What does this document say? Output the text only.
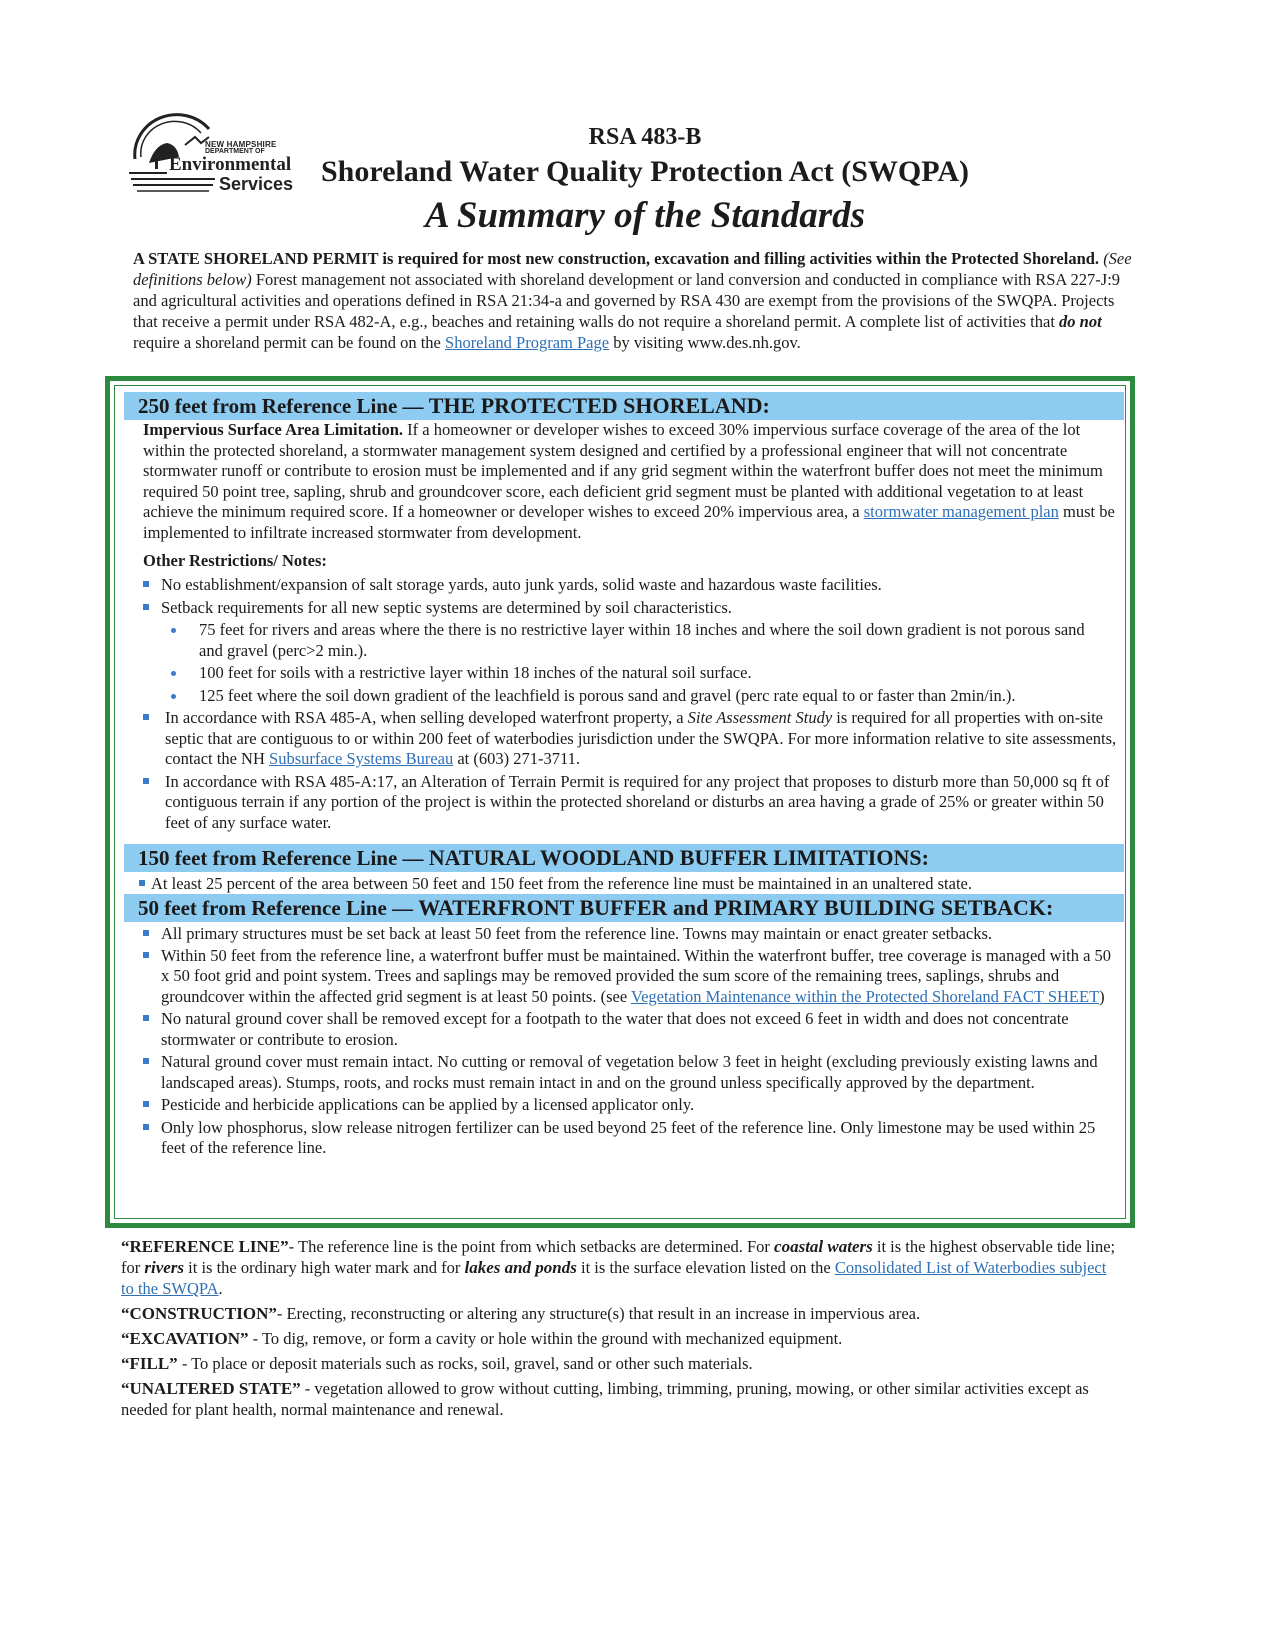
NEW HAMPSHIRE
DEPARTMENT OF
Environmental
Services
RSA 483-B
Shoreland Water Quality Protection Act (SWQPA)
A Summary of the Standards
A STATE SHORELAND PERMIT is required for most new construction, excavation and filling activities within the Protected Shoreland. (See definitions below) Forest management not associated with shoreland development or land conversion and conducted in compliance with RSA 227-J:9 and agricultural activities and operations defined in RSA 21:34-a and governed by RSA 430 are exempt from the provisions of the SWQPA. Projects that receive a permit under RSA 482-A, e.g., beaches and retaining walls do not require a shoreland permit. A complete list of activities that do not require a shoreland permit can be found on the Shoreland Program Page by visiting www.des.nh.gov.
250 feet from Reference Line — THE PROTECTED SHORELAND:
Impervious Surface Area Limitation. If a homeowner or developer wishes to exceed 30% impervious surface coverage of the area of the lot within the protected shoreland, a stormwater management system designed and certified by a professional engineer that will not concentrate stormwater runoff or contribute to erosion must be implemented and if any grid segment within the waterfront buffer does not meet the minimum required 50 point tree, sapling, shrub and groundcover score, each deficient grid segment must be planted with additional vegetation to at least achieve the minimum required score. If a homeowner or developer wishes to exceed 20% impervious area, a stormwater management plan must be implemented to infiltrate increased stormwater from development.
Other Restrictions/ Notes:
No establishment/expansion of salt storage yards, auto junk yards, solid waste and hazardous waste facilities.
Setback requirements for all new septic systems are determined by soil characteristics.
75 feet for rivers and areas where the there is no restrictive layer within 18 inches and where the soil down gradient is not porous sand and gravel (perc>2 min.).
100 feet for soils with a restrictive layer within 18 inches of the natural soil surface.
125 feet where the soil down gradient of the leachfield is porous sand and gravel (perc rate equal to or faster than 2min/in.).
In accordance with RSA 485-A, when selling developed waterfront property, a Site Assessment Study is required for all properties with on-site septic that are contiguous to or within 200 feet of waterbodies jurisdiction under the SWQPA. For more information relative to site assessments, contact the NH Subsurface Systems Bureau at (603) 271-3711.
In accordance with RSA 485-A:17, an Alteration of Terrain Permit is required for any project that proposes to disturb more than 50,000 sq ft of contiguous terrain if any portion of the project is within the protected shoreland or disturbs an area having a grade of 25% or greater within 50 feet of any surface water.
150 feet from Reference Line — NATURAL WOODLAND BUFFER LIMITATIONS:
At least 25 percent of the area between 50 feet and 150 feet from the reference line must be maintained in an unaltered state.
50 feet from Reference Line — WATERFRONT BUFFER and PRIMARY BUILDING SETBACK:
All primary structures must be set back at least 50 feet from the reference line. Towns may maintain or enact greater setbacks.
Within 50 feet from the reference line, a waterfront buffer must be maintained. Within the waterfront buffer, tree coverage is managed with a 50 x 50 foot grid and point system. Trees and saplings may be removed provided the sum score of the remaining trees, saplings, shrubs and groundcover within the affected grid segment is at least 50 points. (see Vegetation Maintenance within the Protected Shoreland FACT SHEET)
No natural ground cover shall be removed except for a footpath to the water that does not exceed 6 feet in width and does not concentrate stormwater or contribute to erosion.
Natural ground cover must remain intact. No cutting or removal of vegetation below 3 feet in height (excluding previously existing lawns and landscaped areas). Stumps, roots, and rocks must remain intact in and on the ground unless specifically approved by the department.
Pesticide and herbicide applications can be applied by a licensed applicator only.
Only low phosphorus, slow release nitrogen fertilizer can be used beyond 25 feet of the reference line. Only limestone may be used within 25 feet of the reference line.

“REFERENCE LINE”- The reference line is the point from which setbacks are determined. For coastal waters it is the highest observable tide line; for rivers it is the ordinary high water mark and for lakes and ponds it is the surface elevation listed on the Consolidated List of Waterbodies subject to the SWQPA.

“CONSTRUCTION”- Erecting, reconstructing or altering any structure(s) that result in an increase in impervious area.

“EXCAVATION” - To dig, remove, or form a cavity or hole within the ground with mechanized equipment.

“FILL” - To place or deposit materials such as rocks, soil, gravel, sand or other such materials.

“UNALTERED STATE” - vegetation allowed to grow without cutting, limbing, trimming, pruning, mowing, or other similar activities except as needed for plant health, normal maintenance and renewal.
